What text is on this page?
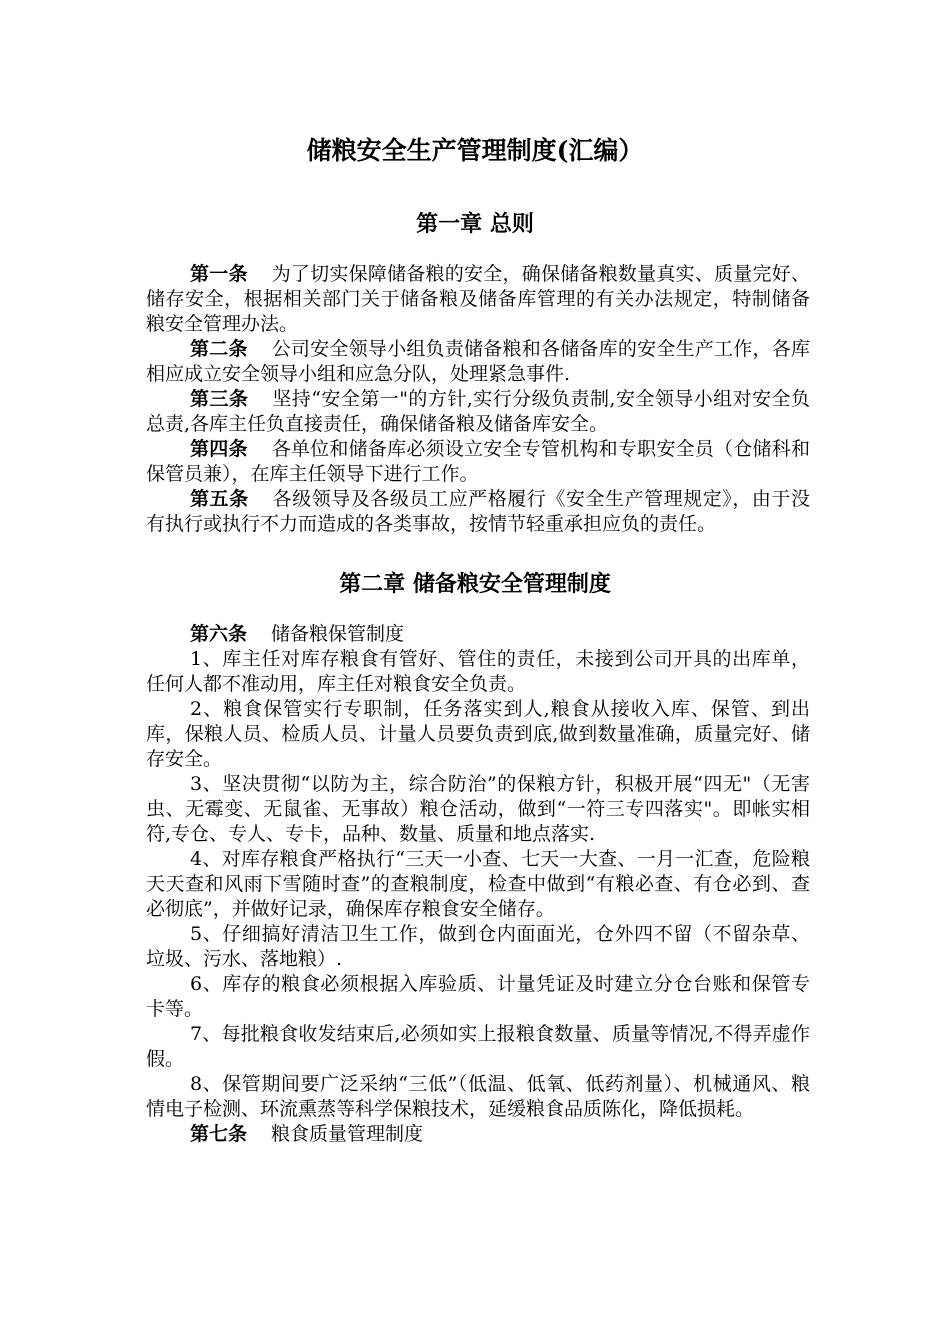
储粮安全生产管理制度(汇编）
第一章 总则

第一条 为了切实保障储备粮的安全，确保储备粮数量真实、质量完好、储存安全，根据相关部门关于储备粮及储备库管理的有关办法规定，特制储备粮安全管理办法。

第二条 公司安全领导小组负责储备粮和各储备库的安全生产工作，各库相应成立安全领导小组和应急分队，处理紧急事件.

第三条 坚持“安全第一"的方针,实行分级负责制,安全领导小组对安全负总责,各库主任负直接责任，确保储备粮及储备库安全。

第四条 各单位和储备库必须设立安全专管机构和专职安全员（仓储科和保管员兼），在库主任领导下进行工作。

第五条 各级领导及各级员工应严格履行《安全生产管理规定》，由于没有执行或执行不力而造成的各类事故，按情节轻重承担应负的责任。

第二章 储备粮安全管理制度

第六条 储备粮保管制度

1、库主任对库存粮食有管好、管住的责任，未接到公司开具的出库单，任何人都不准动用，库主任对粮食安全负责。

2、粮食保管实行专职制，任务落实到人,粮食从接收入库、保管、到出库，保粮人员、检质人员、计量人员要负责到底,做到数量准确，质量完好、储存安全。

3、坚决贯彻“以防为主，综合防治”的保粮方针，积极开展“四无"（无害虫、无霉变、无鼠雀、无事故）粮仓活动，做到“一符三专四落实"。即帐实相符,专仓、专人、专卡，品种、数量、质量和地点落实.

4、对库存粮食严格执行“三天一小查、七天一大查、一月一汇查，危险粮天天查和风雨下雪随时查”的查粮制度，检查中做到“有粮必查、有仓必到、查必彻底”，并做好记录，确保库存粮食安全储存。

5、仔细搞好清洁卫生工作，做到仓内面面光，仓外四不留（不留杂草、垃圾、污水、落地粮）.

6、库存的粮食必须根据入库验质、计量凭证及时建立分仓台账和保管专卡等。

7、每批粮食收发结束后,必须如实上报粮食数量、质量等情况,不得弄虚作假。

8、保管期间要广泛采纳“三低”（低温、低氧、低药剂量）、机械通风、粮情电子检测、环流熏蒸等科学保粮技术，延缓粮食品质陈化，降低损耗。

第七条 粮食质量管理制度
